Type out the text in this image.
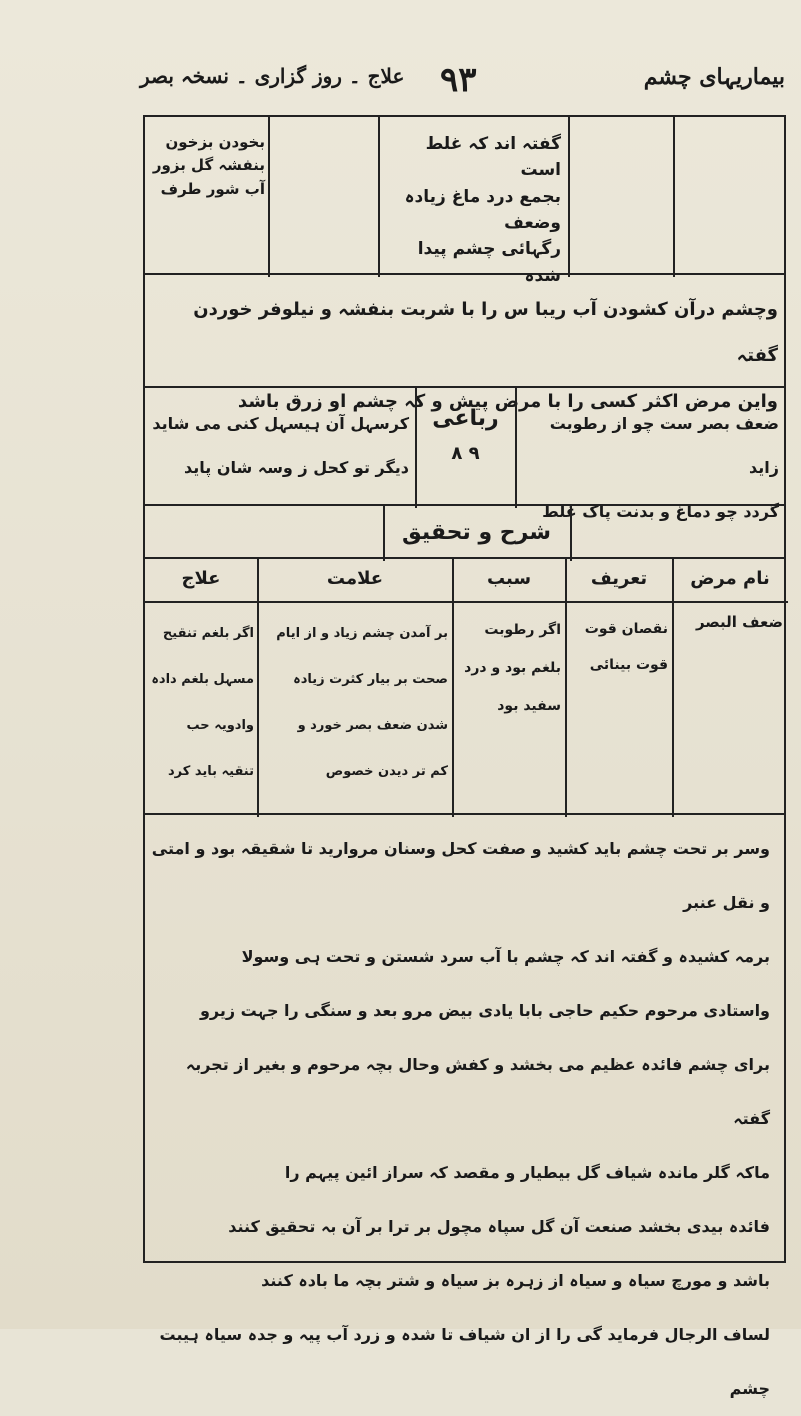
بیماریہای چشم
۹۳
علاج ۔ روز گزاری ۔ نسخہ بصر
گفتہ اند کہ غلط است
بجمع درد ماغ زیادہ وضعف
رگہائی چشم پیدا شدہ
بخودن بزخون
بنفشہ گل بزور
آب شور طرف
وچشم درآن کشودن آب ریبا س را با شربت بنفشہ و نیلوفر خوردن گفتہ
واین مرض اکثر کسی را با مرض پیش و کہ چشم او زرق باشد
ضعف بصر ست چو از رطوبت زاید
گردد چو دماغ و بدنت پاک غلط
رباعی
۸ ۹
کرسہل آن ہیسہل کنی می شاید
دیگر تو کحل ز وسہ شان پاید
شرح و تحقیق
نام مرض
تعریف
سبب
علامت
علاج
ضعف البصر
نقصان قوت
قوت بینائی
اگر رطوبت
بلغم بود و درد
سفید بود
بر آمدن چشم زیاد و از ایام
صحت بر بیار کثرت زیادہ
شدن ضعف بصر خورد و
کم تر دیدن خصوص
اگر بلغم تنقیح
مسہل بلغم دادہ
وادویہ حب
تنقیہ باید کرد
وسر بر تحت چشم باید کشید و صفت کحل وسنان مروارید تا شقیقہ بود و امتی و نقل عنبر
برمہ کشیدہ و گفتہ اند کہ چشم با آب سرد شستن و تحت ہی وسولا
واستادی مرحوم حکیم حاجی بابا یادی بیض مرو بعد و سنگی را جہت زیرو
برای چشم فائدہ عظیم می بخشد و کفش وحال بچہ مرحوم و بغیر از تجربہ گفتہ
ماکہ گلر ماندہ شیاف گل بیطیار و مقصد کہ سراز ائین پیہم را
فائدہ بیدی بخشد صنعت آن گل سپاہ مچول بر ترا بر آن بہ تحقیق کنند
باشد و مورچ سیاہ و سیاہ از زہرہ بز سیاہ و شتر بچہ ما بادہ کنند
لساف الرجال فرماید گی را از ان شیاف تا شدہ و زرد آب پیہ و جدہ سیاہ ہیبت چشم
